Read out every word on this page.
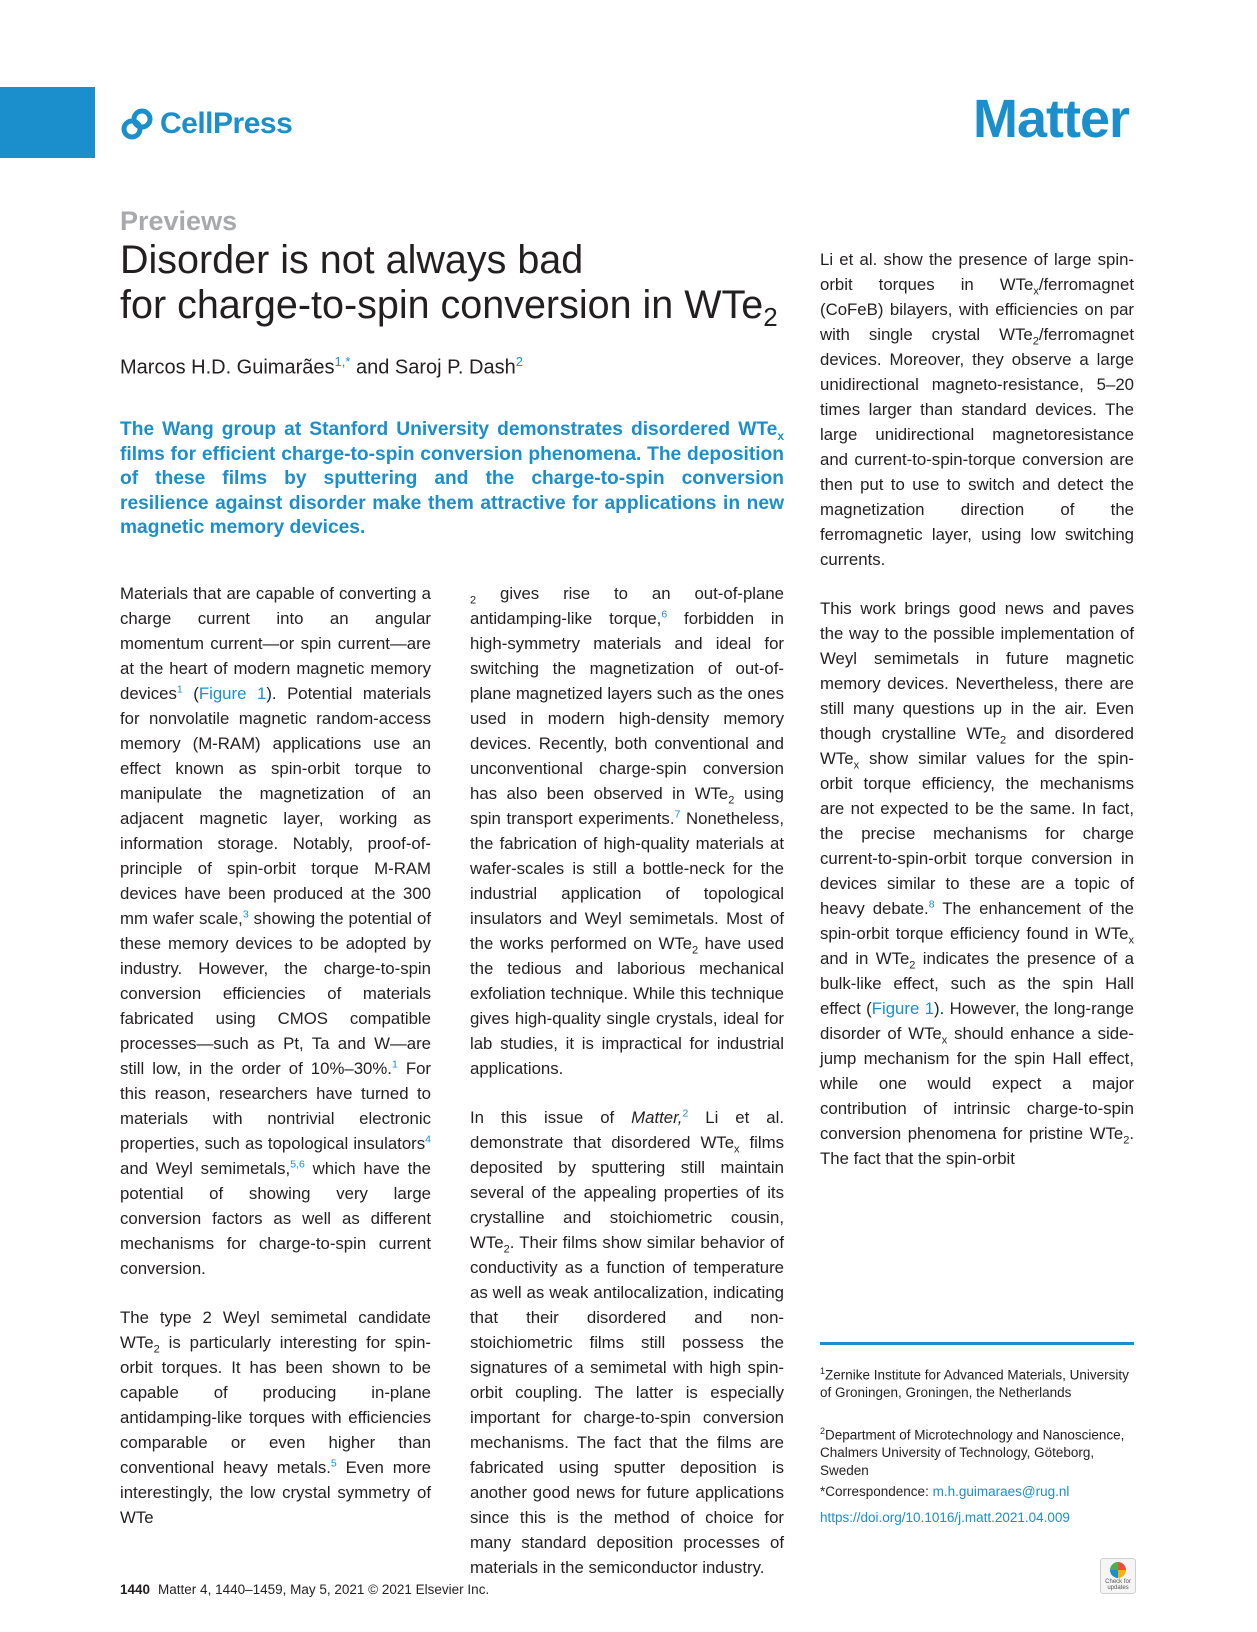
CellPress	Matter
Previews
Disorder is not always bad
for charge-to-spin conversion in WTe$_2$
Marcos H.D. Guimarães$^{1,*}$ and Saroj P. Dash$^2$
The Wang group at Stanford University demonstrates disordered WTe$_x$ films for efficient charge-to-spin conversion phenomena. The deposition of these films by sputtering and the charge-to-spin conversion resilience against disorder make them attractive for applications in new magnetic memory devices.

Materials that are capable of converting a charge current into an angular momentum current—or spin current—are at the heart of modern magnetic memory devices$^1$ (Figure 1). Potential materials for nonvolatile magnetic random-access memory (M-RAM) applications use an effect known as spin-orbit torque to manipulate the magnetization of an adjacent magnetic layer, working as information storage. Notably, proof-of-principle of spin-orbit torque M-RAM devices have been produced at the 300 mm wafer scale,$^3$ showing the potential of these memory devices to be adopted by industry. However, the charge-to-spin conversion efficiencies of materials fabricated using CMOS compatible processes—such as Pt, Ta and W—are still low, in the order of 10%–30%.$^1$ For this reason, researchers have turned to materials with nontrivial electronic properties, such as topological insulators$^4$ and Weyl semimetals,$^{5,6}$ which have the potential of showing very large conversion factors as well as different mechanisms for charge-to-spin current conversion.

The type 2 Weyl semimetal candidate WTe$_2$ is particularly interesting for spin-orbit torques. It has been shown to be capable of producing in-plane antidamping-like torques with efficiencies comparable or even higher than conventional heavy metals.$^5$ Even more interestingly, the low crystal symmetry of WTe

$_2$ gives rise to an out-of-plane antidamping-like torque,$^6$ forbidden in high-symmetry materials and ideal for switching the magnetization of out-of-plane magnetized layers such as the ones used in modern high-density memory devices. Recently, both conventional and unconventional charge-spin conversion has also been observed in WTe$_2$ using spin transport experiments.$^7$ Nonetheless, the fabrication of high-quality materials at wafer-scales is still a bottle-neck for the industrial application of topological insulators and Weyl semimetals. Most of the works performed on WTe$_2$ have used the tedious and laborious mechanical exfoliation technique. While this technique gives high-quality single crystals, ideal for lab studies, it is impractical for industrial applications.

In this issue of Matter,$^2$ Li et al. demonstrate that disordered WTe$_x$ films deposited by sputtering still maintain several of the appealing properties of its crystalline and stoichiometric cousin, WTe$_2$. Their films show similar behavior of conductivity as a function of temperature as well as weak antilocalization, indicating that their disordered and non-stoichiometric films still possess the signatures of a semimetal with high spin-orbit coupling. The latter is especially important for charge-to-spin conversion mechanisms. The fact that the films are fabricated using sputter deposition is another good news for future applications since this is the method of choice for many standard deposition processes of materials in the semiconductor industry.

Li et al. show the presence of large spin-orbit torques in WTe$_x$/ferromagnet (CoFeB) bilayers, with efficiencies on par with single crystal WTe$_2$/ferromagnet devices. Moreover, they observe a large unidirectional magneto-resistance, 5–20 times larger than standard devices. The large unidirectional magnetoresistance and current-to-spin-torque conversion are then put to use to switch and detect the magnetization direction of the ferromagnetic layer, using low switching currents.

This work brings good news and paves the way to the possible implementation of Weyl semimetals in future magnetic memory devices. Nevertheless, there are still many questions up in the air. Even though crystalline WTe$_2$ and disordered WTe$_x$ show similar values for the spin-orbit torque efficiency, the mechanisms are not expected to be the same. In fact, the precise mechanisms for charge current-to-spin-orbit torque conversion in devices similar to these are a topic of heavy debate.$^8$ The enhancement of the spin-orbit torque efficiency found in WTe$_x$ and in WTe$_2$ indicates the presence of a bulk-like effect, such as the spin Hall effect (Figure 1). However, the long-range disorder of WTe$_x$ should enhance a side-jump mechanism for the spin Hall effect, while one would expect a major contribution of intrinsic charge-to-spin conversion phenomena for pristine WTe$_2$. The fact that the spin-orbit

$^1$Zernike Institute for Advanced Materials, University of Groningen, Groningen, the Netherlands
$^2$Department of Microtechnology and Nanoscience, Chalmers University of Technology, Göteborg, Sweden
*Correspondence: m.h.guimaraes@rug.nl
https://doi.org/10.1016/j.matt.2021.04.009
1440 Matter 4, 1440–1459, May 5, 2021 © 2021 Elsevier Inc.	Check for updates
